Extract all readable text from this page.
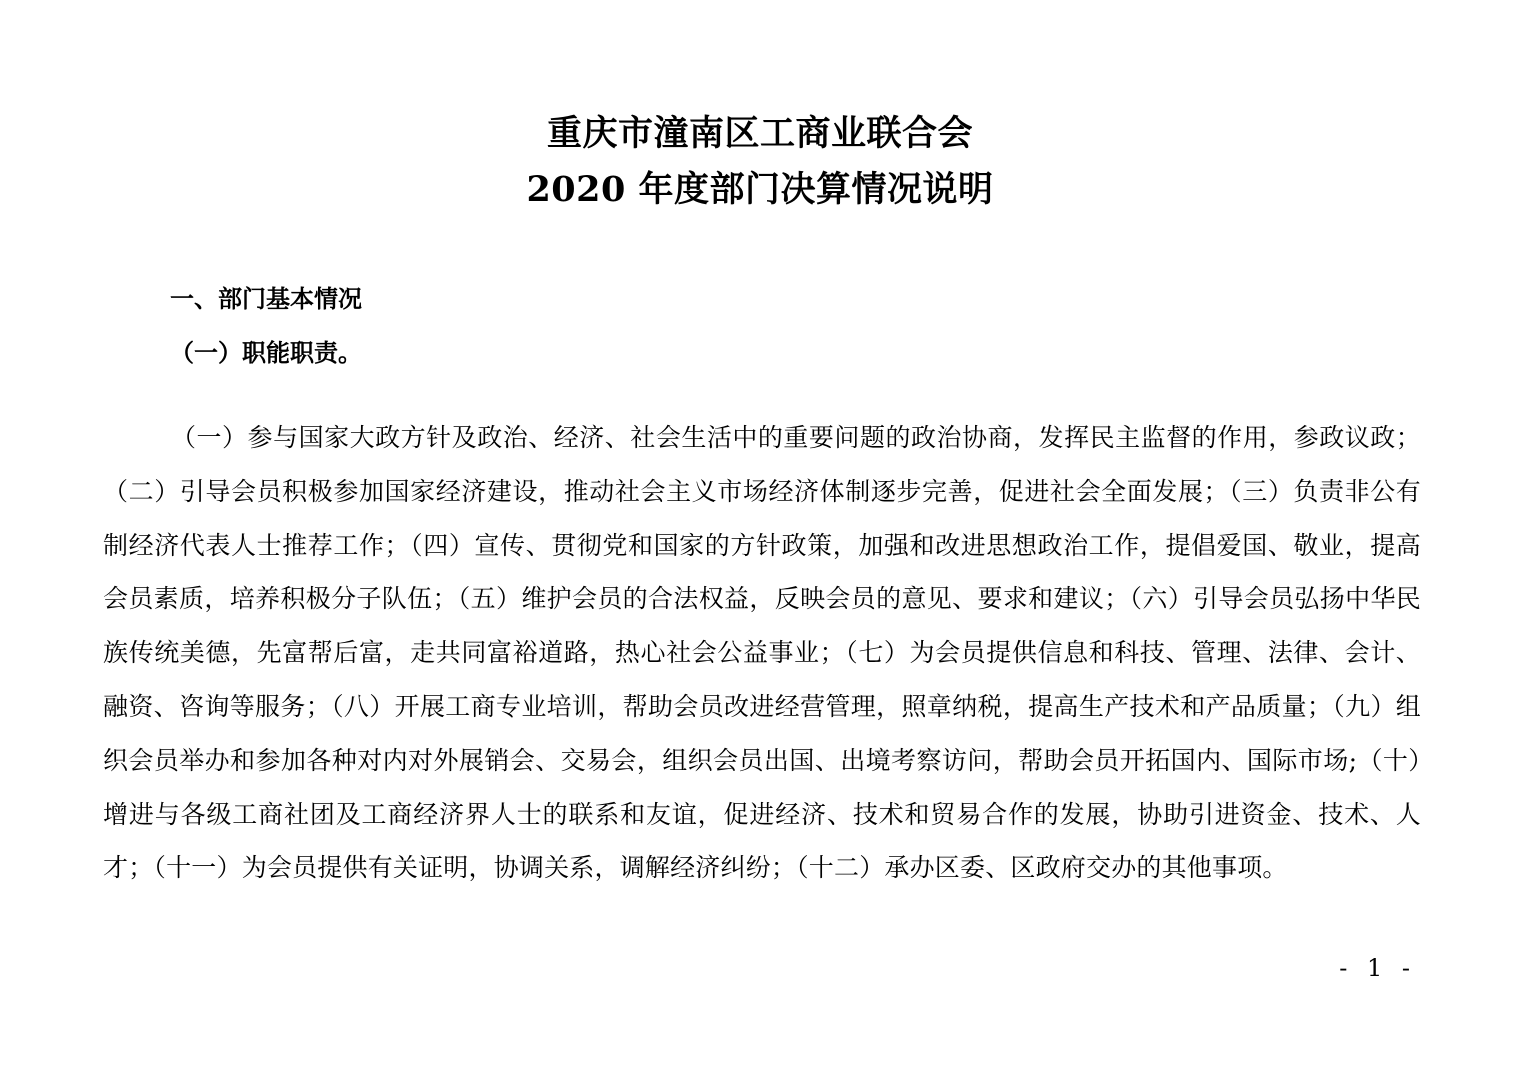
重庆市潼南区工商业联合会
2020 年度部门决算情况说明
一、部门基本情况
（一）职能职责。

（一）参与国家大政方针及政治、经济、社会生活中的重要问题的政治协商，发挥民主监督的作用，参政议政；（二）引导会员积极参加国家经济建设，推动社会主义市场经济体制逐步完善，促进社会全面发展；（三）负责非公有制经济代表人士推荐工作；（四）宣传、贯彻党和国家的方针政策，加强和改进思想政治工作，提倡爱国、敬业，提高会员素质，培养积极分子队伍；（五）维护会员的合法权益，反映会员的意见、要求和建议；（六）引导会员弘扬中华民族传统美德，先富帮后富，走共同富裕道路，热心社会公益事业；（七）为会员提供信息和科技、管理、法律、会计、融资、咨询等服务；（八）开展工商专业培训，帮助会员改进经营管理，照章纳税，提高生产技术和产品质量；（九）组织会员举办和参加各种对内对外展销会、交易会，组织会员出国、出境考察访问，帮助会员开拓国内、国际市场;（十）增进与各级工商社团及工商经济界人士的联系和友谊，促进经济、技术和贸易合作的发展，协助引进资金、技术、人才；（十一）为会员提供有关证明，协调关系，调解经济纠纷；（十二）承办区委、区政府交办的其他事项。

- 1 -
